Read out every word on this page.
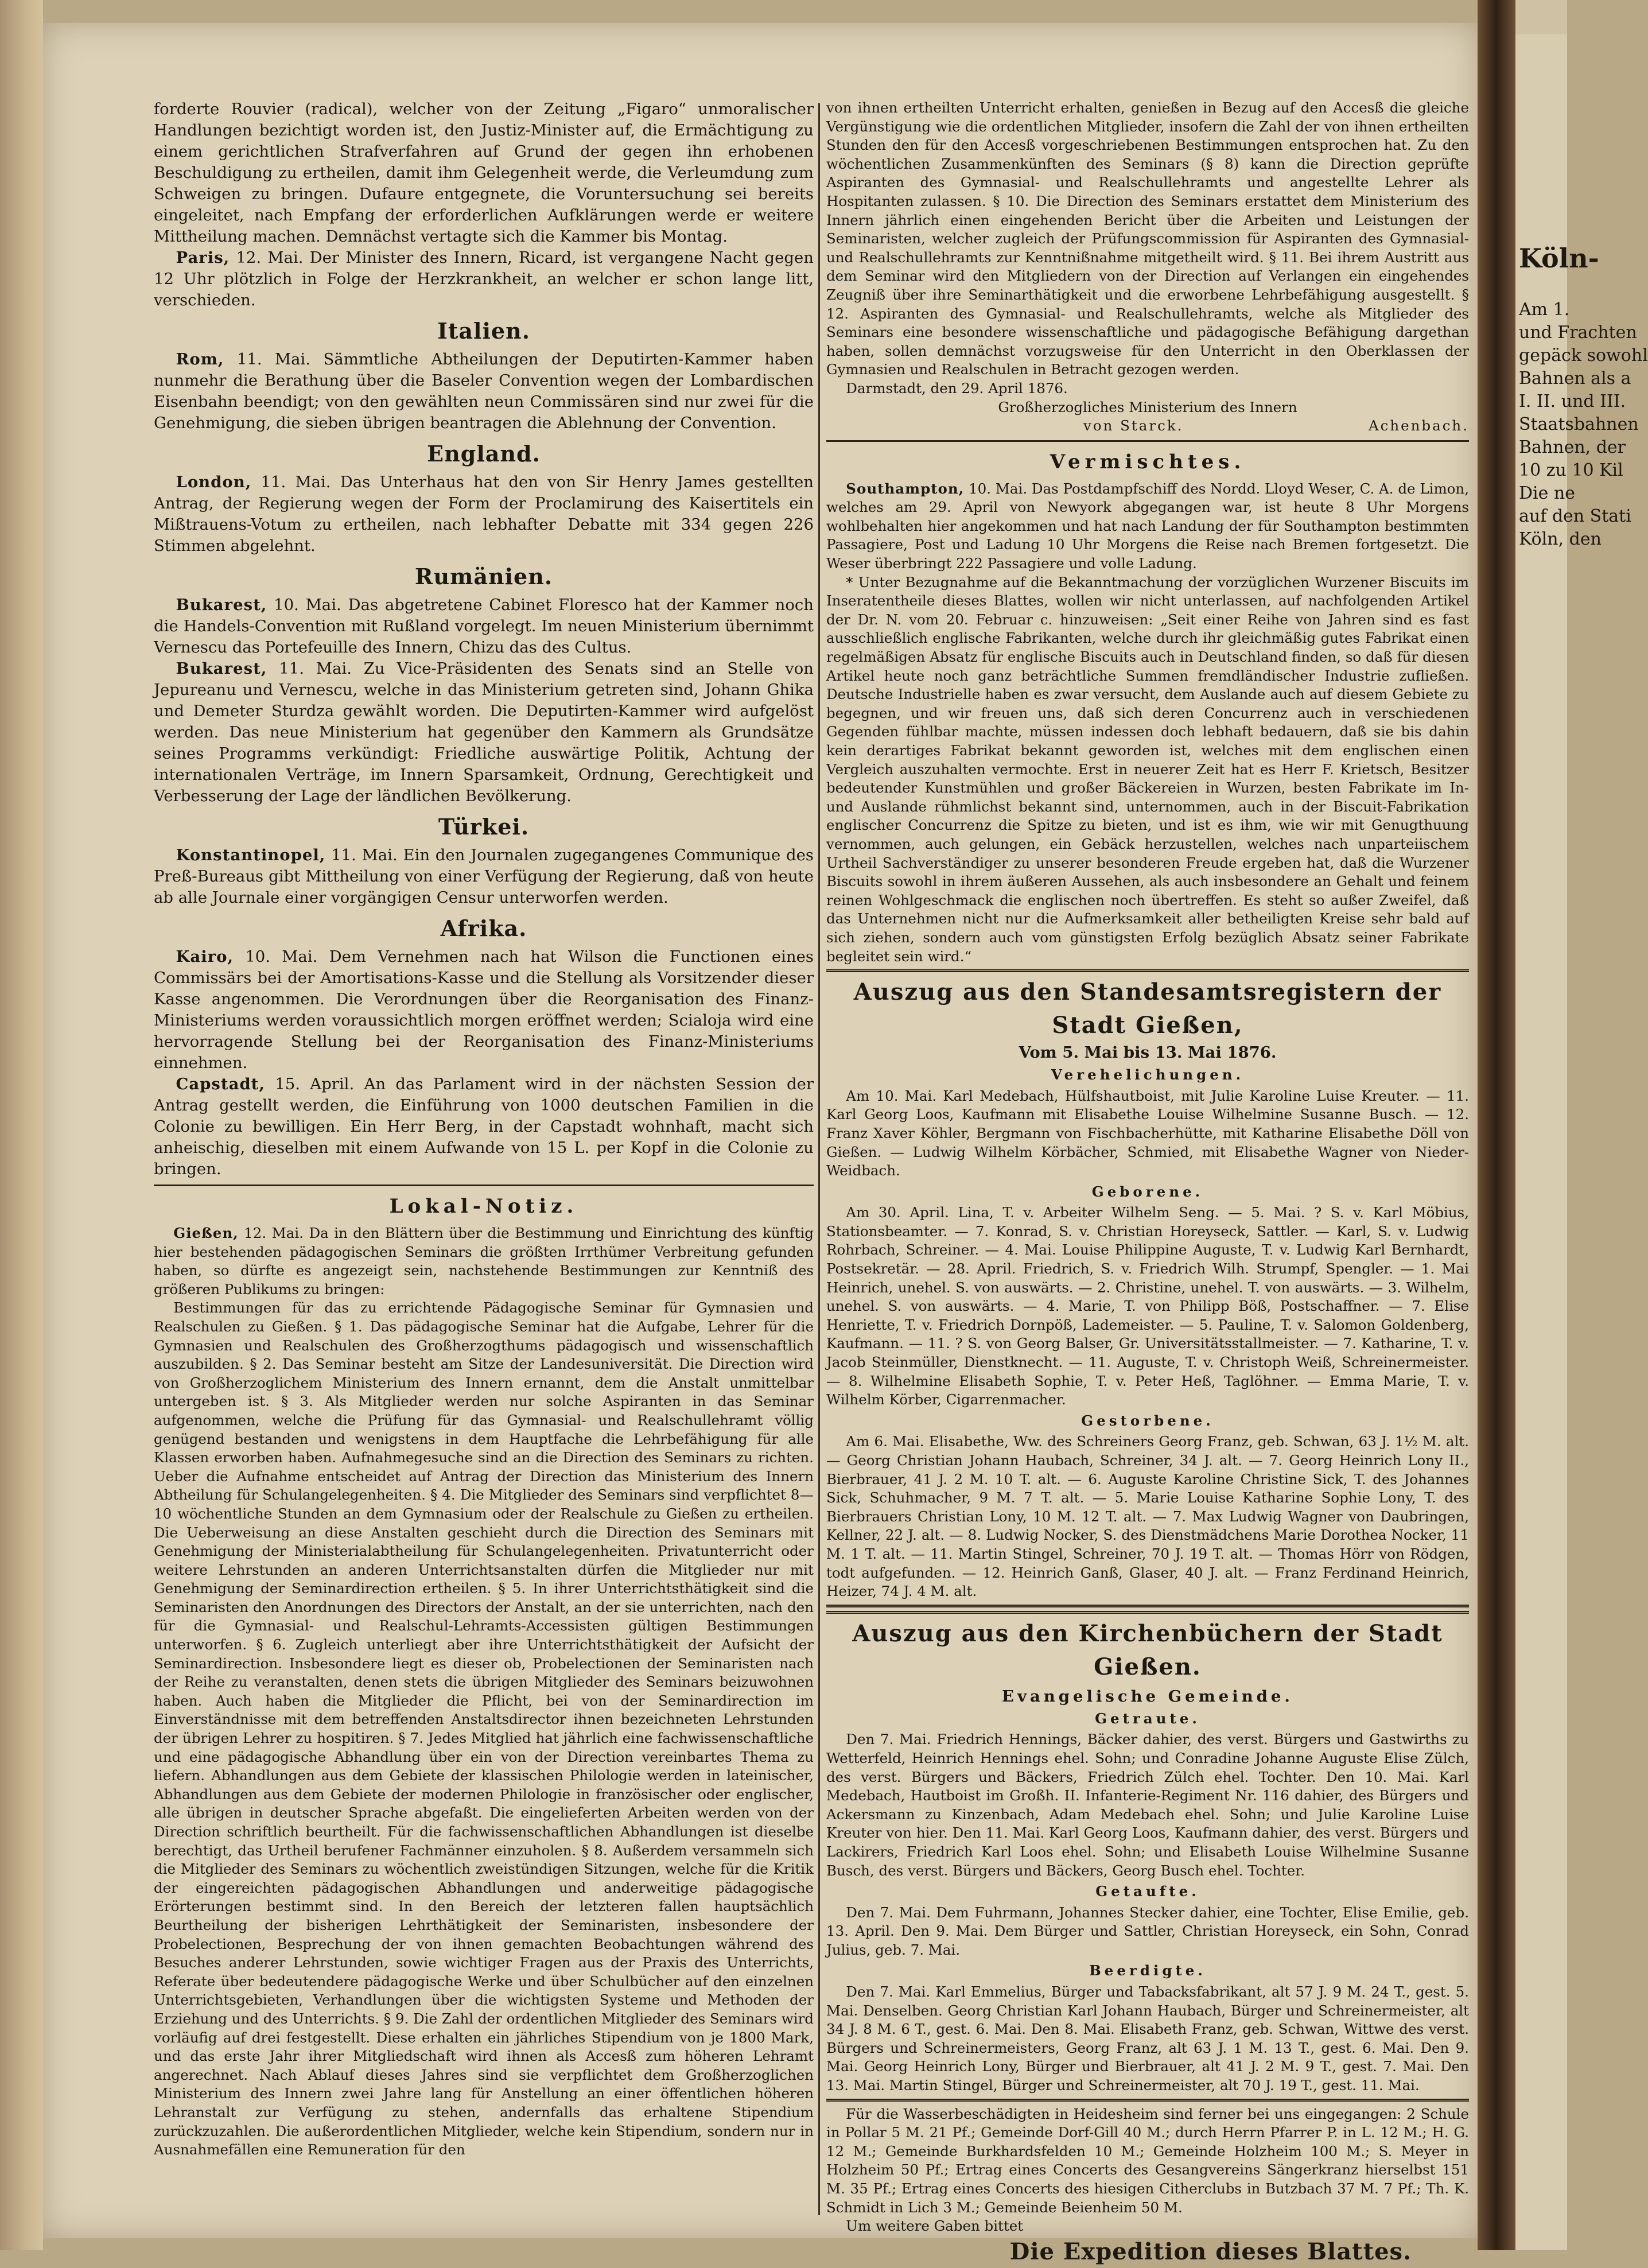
Köln-
Am 1.
und Frachten
gepäck sowohl
Bahnen als a
I. II. und III.
Staatsbahnen
Bahnen, der
10 zu 10 Kil
Die ne
auf den Stati
Köln, den

forderte Rouvier (radical), welcher von der Zeitung „Figaro“ unmoralischer Handlungen bezichtigt worden ist, den Justiz-Minister auf, die Ermächtigung zu einem gerichtlichen Strafverfahren auf Grund der gegen ihn erhobenen Beschuldigung zu ertheilen, damit ihm Gelegenheit werde, die Verleumdung zum Schweigen zu bringen. Dufaure entgegnete, die Voruntersuchung sei bereits eingeleitet, nach Empfang der erforderlichen Aufklärungen werde er weitere Mittheilung machen. Demnächst vertagte sich die Kammer bis Montag.

Paris, 12. Mai. Der Minister des Innern, Ricard, ist vergangene Nacht gegen 12 Uhr plötzlich in Folge der Herzkrankheit, an welcher er schon lange litt, verschieden.

Italien.

Rom, 11. Mai. Sämmtliche Abtheilungen der Deputirten-Kammer haben nunmehr die Berathung über die Baseler Convention wegen der Lombardischen Eisenbahn beendigt; von den gewählten neun Commissären sind nur zwei für die Genehmigung, die sieben übrigen beantragen die Ablehnung der Convention.

England.

London, 11. Mai. Das Unterhaus hat den von Sir Henry James gestellten Antrag, der Regierung wegen der Form der Proclamirung des Kaisertitels ein Mißtrauens-Votum zu ertheilen, nach lebhafter Debatte mit 334 gegen 226 Stimmen abgelehnt.

Rumänien.

Bukarest, 10. Mai. Das abgetretene Cabinet Floresco hat der Kammer noch die Handels-Convention mit Rußland vorgelegt. Im neuen Ministerium übernimmt Vernescu das Portefeuille des Innern, Chizu das des Cultus.

Bukarest, 11. Mai. Zu Vice-Präsidenten des Senats sind an Stelle von Jepureanu und Vernescu, welche in das Ministerium getreten sind, Johann Ghika und Demeter Sturdza gewählt worden. Die Deputirten-Kammer wird aufgelöst werden. Das neue Ministerium hat gegenüber den Kammern als Grundsätze seines Programms verkündigt: Friedliche auswärtige Politik, Achtung der internationalen Verträge, im Innern Sparsamkeit, Ordnung, Gerechtigkeit und Verbesserung der Lage der ländlichen Bevölkerung.

Türkei.

Konstantinopel, 11. Mai. Ein den Journalen zugegangenes Communique des Preß-Bureaus gibt Mittheilung von einer Verfügung der Regierung, daß von heute ab alle Journale einer vorgängigen Censur unterworfen werden.

Afrika.

Kairo, 10. Mai. Dem Vernehmen nach hat Wilson die Functionen eines Commissärs bei der Amortisations-Kasse und die Stellung als Vorsitzender dieser Kasse angenommen. Die Verordnungen über die Reorganisation des Finanz-Ministeriums werden voraussichtlich morgen eröffnet werden; Scialoja wird eine hervorragende Stellung bei der Reorganisation des Finanz-Ministeriums einnehmen.

Capstadt, 15. April. An das Parlament wird in der nächsten Session der Antrag gestellt werden, die Einführung von 1000 deutschen Familien in die Colonie zu bewilligen. Ein Herr Berg, in der Capstadt wohnhaft, macht sich anheischig, dieselben mit einem Aufwande von 15 L. per Kopf in die Colonie zu bringen.

Lokal-Notiz.

Gießen, 12. Mai. Da in den Blättern über die Bestimmung und Einrichtung des künftig hier bestehenden pädagogischen Seminars die größten Irrthümer Verbreitung gefunden haben, so dürfte es angezeigt sein, nachstehende Bestimmungen zur Kenntniß des größeren Publikums zu bringen:

Bestimmungen für das zu errichtende Pädagogische Seminar für Gymnasien und Realschulen zu Gießen. § 1. Das pädagogische Seminar hat die Aufgabe, Lehrer für die Gymnasien und Realschulen des Großherzogthums pädagogisch und wissenschaftlich auszubilden. § 2. Das Seminar besteht am Sitze der Landesuniversität. Die Direction wird von Großherzoglichem Ministerium des Innern ernannt, dem die Anstalt unmittelbar untergeben ist. § 3. Als Mitglieder werden nur solche Aspiranten in das Seminar aufgenommen, welche die Prüfung für das Gymnasial- und Realschullehramt völlig genügend bestanden und wenigstens in dem Hauptfache die Lehrbefähigung für alle Klassen erworben haben. Aufnahmegesuche sind an die Direction des Seminars zu richten. Ueber die Aufnahme entscheidet auf Antrag der Direction das Ministerium des Innern Abtheilung für Schulangelegenheiten. § 4. Die Mitglieder des Seminars sind verpflichtet 8—10 wöchentliche Stunden an dem Gymnasium oder der Realschule zu Gießen zu ertheilen. Die Ueberweisung an diese Anstalten geschieht durch die Direction des Seminars mit Genehmigung der Ministerialabtheilung für Schulangelegenheiten. Privatunterricht oder weitere Lehrstunden an anderen Unterrichtsanstalten dürfen die Mitglieder nur mit Genehmigung der Seminardirection ertheilen. § 5. In ihrer Unterrichtsthätigkeit sind die Seminaristen den Anordnungen des Directors der Anstalt, an der sie unterrichten, nach den für die Gymnasial- und Realschul-Lehramts-Accessisten gültigen Bestimmungen unterworfen. § 6. Zugleich unterliegt aber ihre Unterrichtsthätigkeit der Aufsicht der Seminardirection. Insbesondere liegt es dieser ob, Probelectionen der Seminaristen nach der Reihe zu veranstalten, denen stets die übrigen Mitglieder des Seminars beizuwohnen haben. Auch haben die Mitglieder die Pflicht, bei von der Seminardirection im Einverständnisse mit dem betreffenden Anstaltsdirector ihnen bezeichneten Lehrstunden der übrigen Lehrer zu hospitiren. § 7. Jedes Mitglied hat jährlich eine fachwissenschaftliche und eine pädagogische Abhandlung über ein von der Direction vereinbartes Thema zu liefern. Abhandlungen aus dem Gebiete der klassischen Philologie werden in lateinischer, Abhandlungen aus dem Gebiete der modernen Philologie in französischer oder englischer, alle übrigen in deutscher Sprache abgefaßt. Die eingelieferten Arbeiten werden von der Direction schriftlich beurtheilt. Für die fachwissenschaftlichen Abhandlungen ist dieselbe berechtigt, das Urtheil berufener Fachmänner einzuholen. § 8. Außerdem versammeln sich die Mitglieder des Seminars zu wöchentlich zweistündigen Sitzungen, welche für die Kritik der eingereichten pädagogischen Abhandlungen und anderweitige pädagogische Erörterungen bestimmt sind. In den Bereich der letzteren fallen hauptsächlich Beurtheilung der bisherigen Lehrthätigkeit der Seminaristen, insbesondere der Probelectionen, Besprechung der von ihnen gemachten Beobachtungen während des Besuches anderer Lehrstunden, sowie wichtiger Fragen aus der Praxis des Unterrichts, Referate über bedeutendere pädagogische Werke und über Schulbücher auf den einzelnen Unterrichtsgebieten, Verhandlungen über die wichtigsten Systeme und Methoden der Erziehung und des Unterrichts. § 9. Die Zahl der ordentlichen Mitglieder des Seminars wird vorläufig auf drei festgestellt. Diese erhalten ein jährliches Stipendium von je 1800 Mark, und das erste Jahr ihrer Mitgliedschaft wird ihnen als Accesß zum höheren Lehramt angerechnet. Nach Ablauf dieses Jahres sind sie verpflichtet dem Großherzoglichen Ministerium des Innern zwei Jahre lang für Anstellung an einer öffentlichen höheren Lehranstalt zur Verfügung zu stehen, andernfalls das erhaltene Stipendium zurückzuzahlen. Die außerordentlichen Mitglieder, welche kein Stipendium, sondern nur in Ausnahmefällen eine Remuneration für den

von ihnen ertheilten Unterricht erhalten, genießen in Bezug auf den Accesß die gleiche Vergünstigung wie die ordentlichen Mitglieder, insofern die Zahl der von ihnen ertheilten Stunden den für den Accesß vorgeschriebenen Bestimmungen entsprochen hat. Zu den wöchentlichen Zusammenkünften des Seminars (§ 8) kann die Direction geprüfte Aspiranten des Gymnasial- und Realschullehramts und angestellte Lehrer als Hospitanten zulassen. § 10. Die Direction des Seminars erstattet dem Ministerium des Innern jährlich einen eingehenden Bericht über die Arbeiten und Leistungen der Seminaristen, welcher zugleich der Prüfungscommission für Aspiranten des Gymnasial- und Realschullehramts zur Kenntnißnahme mitgetheilt wird. § 11. Bei ihrem Austritt aus dem Seminar wird den Mitgliedern von der Direction auf Verlangen ein eingehendes Zeugniß über ihre Seminarthätigkeit und die erworbene Lehrbefähigung ausgestellt. § 12. Aspiranten des Gymnasial- und Realschullehramts, welche als Mitglieder des Seminars eine besondere wissenschaftliche und pädagogische Befähigung dargethan haben, sollen demnächst vorzugsweise für den Unterricht in den Oberklassen der Gymnasien und Realschulen in Betracht gezogen werden.

Darmstadt, den 29. April 1876.

Großherzogliches Ministerium des Innern

von Starck.	Achenbach.
Vermischtes.

Southampton, 10. Mai. Das Postdampfschiff des Nordd. Lloyd Weser, C. A. de Limon, welches am 29. April von Newyork abgegangen war, ist heute 8 Uhr Morgens wohlbehalten hier angekommen und hat nach Landung der für Southampton bestimmten Passagiere, Post und Ladung 10 Uhr Morgens die Reise nach Bremen fortgesetzt. Die Weser überbringt 222 Passagiere und volle Ladung.

* Unter Bezugnahme auf die Bekanntmachung der vorzüglichen Wurzener Biscuits im Inseratentheile dieses Blattes, wollen wir nicht unterlassen, auf nachfolgenden Artikel der Dr. N. vom 20. Februar c. hinzuweisen: „Seit einer Reihe von Jahren sind es fast ausschließlich englische Fabrikanten, welche durch ihr gleichmäßig gutes Fabrikat einen regelmäßigen Absatz für englische Biscuits auch in Deutschland finden, so daß für diesen Artikel heute noch ganz beträchtliche Summen fremdländischer Industrie zufließen. Deutsche Industrielle haben es zwar versucht, dem Auslande auch auf diesem Gebiete zu begegnen, und wir freuen uns, daß sich deren Concurrenz auch in verschiedenen Gegenden fühlbar machte, müssen indessen doch lebhaft bedauern, daß sie bis dahin kein derartiges Fabrikat bekannt geworden ist, welches mit dem englischen einen Vergleich auszuhalten vermochte. Erst in neuerer Zeit hat es Herr F. Krietsch, Besitzer bedeutender Kunstmühlen und großer Bäckereien in Wurzen, besten Fabrikate im In- und Auslande rühmlichst bekannt sind, unternommen, auch in der Biscuit-Fabrikation englischer Concurrenz die Spitze zu bieten, und ist es ihm, wie wir mit Genugthuung vernommen, auch gelungen, ein Gebäck herzustellen, welches nach unparteiischem Urtheil Sachverständiger zu unserer besonderen Freude ergeben hat, daß die Wurzener Biscuits sowohl in ihrem äußeren Aussehen, als auch insbesondere an Gehalt und feinem reinen Wohlgeschmack die englischen noch übertreffen. Es steht so außer Zweifel, daß das Unternehmen nicht nur die Aufmerksamkeit aller betheiligten Kreise sehr bald auf sich ziehen, sondern auch vom günstigsten Erfolg bezüglich Absatz seiner Fabrikate begleitet sein wird.“

Auszug aus den Standesamtsregistern der Stadt Gießen,

Vom 5. Mai bis 13. Mai 1876.

Verehelichungen.

Am 10. Mai. Karl Medebach, Hülfshautboist, mit Julie Karoline Luise Kreuter. — 11. Karl Georg Loos, Kaufmann mit Elisabethe Louise Wilhelmine Susanne Busch. — 12. Franz Xaver Köhler, Bergmann von Fischbacherhütte, mit Katharine Elisabethe Döll von Gießen. — Ludwig Wilhelm Körbächer, Schmied, mit Elisabethe Wagner von Nieder-Weidbach.

Geborene.

Am 30. April. Lina, T. v. Arbeiter Wilhelm Seng. — 5. Mai. ? S. v. Karl Möbius, Stationsbeamter. — 7. Konrad, S. v. Christian Horeyseck, Sattler. — Karl, S. v. Ludwig Rohrbach, Schreiner. — 4. Mai. Louise Philippine Auguste, T. v. Ludwig Karl Bernhardt, Postsekretär. — 28. April. Friedrich, S. v. Friedrich Wilh. Strumpf, Spengler. — 1. Mai Heinrich, unehel. S. von auswärts. — 2. Christine, unehel. T. von auswärts. — 3. Wilhelm, unehel. S. von auswärts. — 4. Marie, T. von Philipp Böß, Postschaffner. — 7. Elise Henriette, T. v. Friedrich Dornpöß, Lademeister. — 5. Pauline, T. v. Salomon Goldenberg, Kaufmann. — 11. ? S. von Georg Balser, Gr. Universitätsstallmeister. — 7. Katharine, T. v. Jacob Steinmüller, Dienstknecht. — 11. Auguste, T. v. Christoph Weiß, Schreinermeister. — 8. Wilhelmine Elisabeth Sophie, T. v. Peter Heß, Taglöhner. — Emma Marie, T. v. Wilhelm Körber, Cigarrenmacher.

Gestorbene.

Am 6. Mai. Elisabethe, Ww. des Schreiners Georg Franz, geb. Schwan, 63 J. 1½ M. alt. — Georg Christian Johann Haubach, Schreiner, 34 J. alt. — 7. Georg Heinrich Lony II., Bierbrauer, 41 J. 2 M. 10 T. alt. — 6. Auguste Karoline Christine Sick, T. des Johannes Sick, Schuhmacher, 9 M. 7 T. alt. — 5. Marie Louise Katharine Sophie Lony, T. des Bierbrauers Christian Lony, 10 M. 12 T. alt. — 7. Max Ludwig Wagner von Daubringen, Kellner, 22 J. alt. — 8. Ludwig Nocker, S. des Dienstmädchens Marie Dorothea Nocker, 11 M. 1 T. alt. — 11. Martin Stingel, Schreiner, 70 J. 19 T. alt. — Thomas Hörr von Rödgen, todt aufgefunden. — 12. Heinrich Ganß, Glaser, 40 J. alt. — Franz Ferdinand Heinrich, Heizer, 74 J. 4 M. alt.

Auszug aus den Kirchenbüchern der Stadt Gießen.
Evangelische Gemeinde.
Getraute.

Den 7. Mai. Friedrich Hennings, Bäcker dahier, des verst. Bürgers und Gastwirths zu Wetterfeld, Heinrich Hennings ehel. Sohn; und Conradine Johanne Auguste Elise Zülch, des verst. Bürgers und Bäckers, Friedrich Zülch ehel. Tochter. Den 10. Mai. Karl Medebach, Hautboist im Großh. II. Infanterie-Regiment Nr. 116 dahier, des Bürgers und Ackersmann zu Kinzenbach, Adam Medebach ehel. Sohn; und Julie Karoline Luise Kreuter von hier. Den 11. Mai. Karl Georg Loos, Kaufmann dahier, des verst. Bürgers und Lackirers, Friedrich Karl Loos ehel. Sohn; und Elisabeth Louise Wilhelmine Susanne Busch, des verst. Bürgers und Bäckers, Georg Busch ehel. Tochter.

Getaufte.

Den 7. Mai. Dem Fuhrmann, Johannes Stecker dahier, eine Tochter, Elise Emilie, geb. 13. April. Den 9. Mai. Dem Bürger und Sattler, Christian Horeyseck, ein Sohn, Conrad Julius, geb. 7. Mai.

Beerdigte.

Den 7. Mai. Karl Emmelius, Bürger und Tabacksfabrikant, alt 57 J. 9 M. 24 T., gest. 5. Mai. Denselben. Georg Christian Karl Johann Haubach, Bürger und Schreinermeister, alt 34 J. 8 M. 6 T., gest. 6. Mai. Den 8. Mai. Elisabeth Franz, geb. Schwan, Wittwe des verst. Bürgers und Schreinermeisters, Georg Franz, alt 63 J. 1 M. 13 T., gest. 6. Mai. Den 9. Mai. Georg Heinrich Lony, Bürger und Bierbrauer, alt 41 J. 2 M. 9 T., gest. 7. Mai. Den 13. Mai. Martin Stingel, Bürger und Schreinermeister, alt 70 J. 19 T., gest. 11. Mai.

Für die Wasserbeschädigten in Heidesheim sind ferner bei uns eingegangen: 2 Schule in Pollar 5 M. 21 Pf.; Gemeinde Dorf-Gill 40 M.; durch Herrn Pfarrer P. in L. 12 M.; H. G. 12 M.; Gemeinde Burkhardsfelden 10 M.; Gemeinde Holzheim 100 M.; S. Meyer in Holzheim 50 Pf.; Ertrag eines Concerts des Gesangvereins Sängerkranz hierselbst 151 M. 35 Pf.; Ertrag eines Concerts des hiesigen Citherclubs in Butzbach 37 M. 7 Pf.; Th. K. Schmidt in Lich 3 M.; Gemeinde Beienheim 50 M.

Um weitere Gaben bittet

Die Expedition dieses Blattes.
